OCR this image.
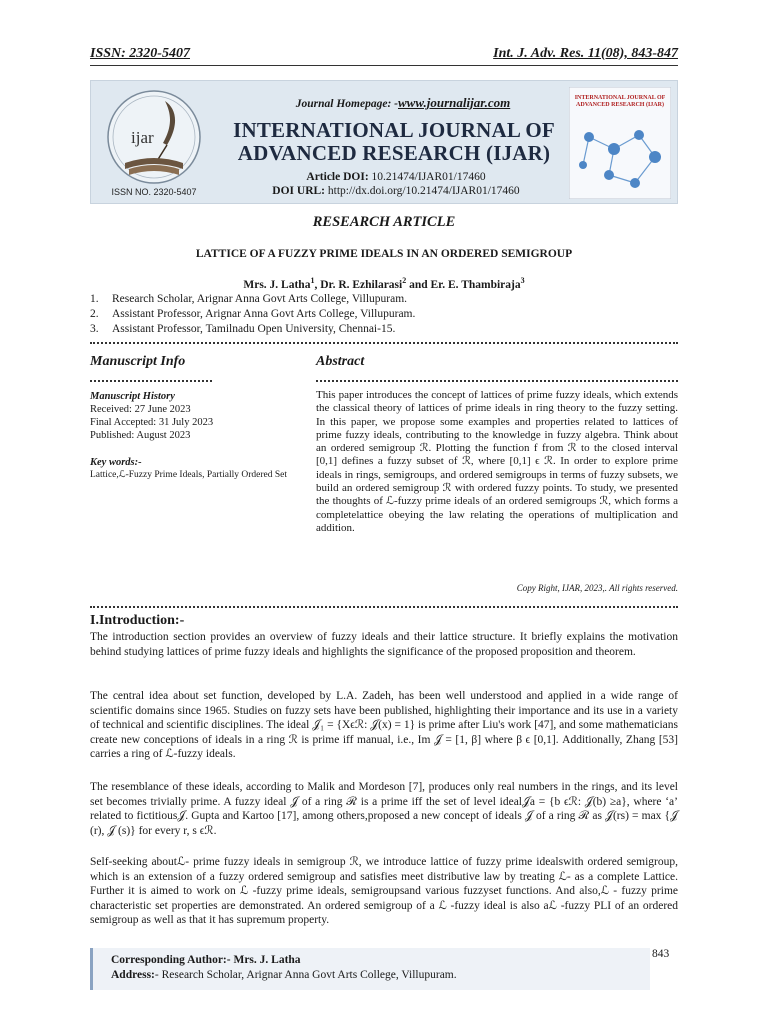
ISSN: 2320-5407	Int. J. Adv. Res. 11(08), 843-847
ijar
ISSN NO. 2320-5407
Journal Homepage: -www.journalijar.com
INTERNATIONAL JOURNAL OF
ADVANCED RESEARCH (IJAR)
Article DOI: 10.21474/IJAR01/17460
DOI URL: http://dx.doi.org/10.21474/IJAR01/17460
INTERNATIONAL JOURNAL OF
ADVANCED RESEARCH (IJAR)
RESEARCH ARTICLE
LATTICE OF A FUZZY PRIME IDEALS IN AN ORDERED SEMIGROUP
Mrs. J. Latha$^1$, Dr. R. Ezhilarasi$^2$ and Er. E. Thambiraja$^3$
1.	Research Scholar, Arignar Anna Govt Arts College, Villupuram.
2.	Assistant Professor, Arignar Anna Govt Arts College, Villupuram.
3.	Assistant Professor, Tamilnadu Open University, Chennai-15.
Manuscript Info	Abstract
Manuscript History
Received: 27 June 2023
Final Accepted: 31 July 2023
Published: August 2023
Key words:-
Lattice,ℒ-Fuzzy Prime Ideals, Partially Ordered Set
This paper introduces the concept of lattices of prime fuzzy ideals, which extends the classical theory of lattices of prime ideals in ring theory to the fuzzy setting. In this paper, we propose some examples and properties related to lattices of prime fuzzy ideals, contributing to the knowledge in fuzzy algebra. Think about an ordered semigroup ℛ. Plotting the function f from ℛ to the closed interval [0,1] defines a fuzzy subset of ℛ, where [0,1] ϵ ℛ. In order to explore prime ideals in rings, semigroups, and ordered semigroups in terms of fuzzy subsets, we build an ordered semigroup ℛ with ordered fuzzy points. To study, we presented the thoughts of ℒ-fuzzy prime ideals of an ordered semigroups ℛ, which forms a completelattice obeying the law relating the operations of multiplication and addition.
Copy Right, IJAR, 2023,. All rights reserved.
I.Introduction:-

The introduction section provides an overview of fuzzy ideals and their lattice structure. It briefly explains the motivation behind studying lattices of prime fuzzy ideals and highlights the significance of the proposed proposition and theorem.

The central idea about set function, developed by L.A. Zadeh, has been well understood and applied in a wide range of scientific domains since 1965. Studies on fuzzy sets have been published, highlighting their importance and its use in a variety of technical and scientific disciplines. The ideal 𝒥₁ = {Xϵℛ: 𝒥(x) = 1} is prime after Liu's work [47], and some mathematicians create new conceptions of ideals in a ring ℛ is prime iff manual, i.e., Im 𝒥 = [1, β] where β ϵ [0,1]. Additionally, Zhang [53] carries a ring of ℒ-fuzzy ideals.

The resemblance of these ideals, according to Malik and Mordeson [7], produces only real numbers in the rings, and its level set becomes trivially prime. A fuzzy ideal 𝒥 of a ring ℛ is a prime iff the set of level ideal𝒥a = {b ϵℛ: 𝒥(b) ≥a}, where ‘a’ related to fictitious𝒥. Gupta and Kartoo [17], among others,proposed a new concept of ideals 𝒥 of a ring ℛ as 𝒥(rs) = max {𝒥 (r), 𝒥 (s)} for every r, s ϵℛ.

Self-seeking aboutℒ- prime fuzzy ideals in semigroup ℛ, we introduce lattice of fuzzy prime idealswith ordered semigroup, which is an extension of a fuzzy ordered semigroup and satisfies meet distributive law by treating ℒ- as a complete Lattice. Further it is aimed to work on ℒ -fuzzy prime ideals, semigroupsand various fuzzyset functions. And also,ℒ - fuzzy prime characteristic set properties are demonstrated. An ordered semigroup of a ℒ -fuzzy ideal is also aℒ -fuzzy PLI of an ordered semigroup as well as that it has supremum property.

Corresponding Author:- Mrs. J. Latha
Address:- Research Scholar, Arignar Anna Govt Arts College, Villupuram.
843
